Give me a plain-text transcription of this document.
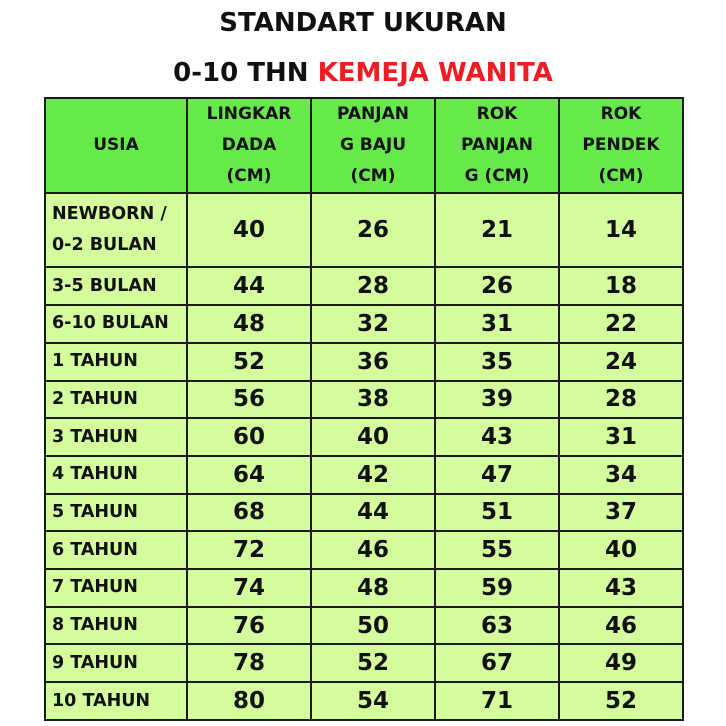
STANDART UKURAN
0-10 THN KEMEJA WANITA
USIA	LINGKAR
DADA
(CM)	PANJAN
G BAJU
(CM)	ROK
PANJAN
G (CM)	ROK
PENDEK
(CM)

NEWBORN /
0-2 BULAN	40	26	21	14

3-5 BULAN	44	28	26	18

6-10 BULAN	48	32	31	22

1 TAHUN	52	36	35	24

2 TAHUN	56	38	39	28

3 TAHUN	60	40	43	31

4 TAHUN	64	42	47	34

5 TAHUN	68	44	51	37

6 TAHUN	72	46	55	40

7 TAHUN	74	48	59	43

8 TAHUN	76	50	63	46

9 TAHUN	78	52	67	49

10 TAHUN	80	54	71	52
